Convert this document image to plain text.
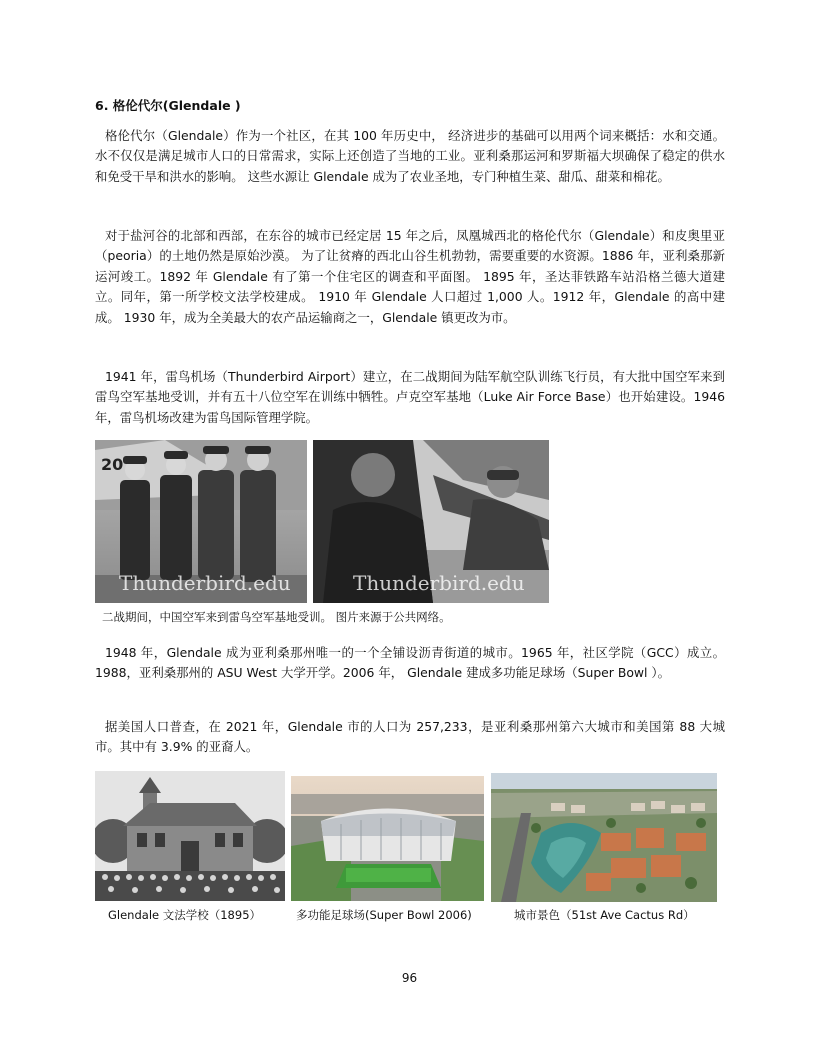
6. 格伦代尔(Glendale )

格伦代尔（Glendale）作为一个社区，在其 100 年历史中， 经济进步的基础可以用两个词来概括：水和交通。 水不仅仅是满足城市人口的日常需求，实际上还创造了当地的工业。亚利桑那运河和罗斯福大坝确保了稳定的供水和免受干旱和洪水的影响。 这些水源让 Glendale 成为了农业圣地，专门种植生菜、甜瓜、甜菜和棉花。

对于盐河谷的北部和西部，在东谷的城市已经定居 15 年之后，凤凰城西北的格伦代尔（Glendale）和皮奥里亚（peoria）的土地仍然是原始沙漠。 为了让贫瘠的西北山谷生机勃勃，需要重要的水资源。1886 年，亚利桑那新运河竣工。1892 年 Glendale 有了第一个住宅区的调查和平面图。 1895 年，圣达菲铁路车站沿格兰德大道建立。同年，第一所学校文法学校建成。 1910 年 Glendale 人口超过 1,000 人。1912 年，Glendale 的高中建成。 1930 年，成为全美最大的农产品运输商之一，Glendale 镇更改为市。

1941 年，雷鸟机场（Thunderbird Airport）建立，在二战期间为陆军航空队训练飞行员，有大批中国空军来到雷鸟空军基地受训，并有五十八位空军在训练中牺牲。卢克空军基地（Luke Air Force Base）也开始建设。1946 年，雷鸟机场改建为雷鸟国际管理学院。

20
Thunderbird.edu	Thunderbird.edu
二战期间，中国空军来到雷鸟空军基地受训。 图片来源于公共网络。

1948 年，Glendale 成为亚利桑那州唯一的一个全铺设沥青街道的城市。1965 年，社区学院（GCC）成立。1988，亚利桑那州的 ASU West 大学开学。2006 年， Glendale 建成多功能足球场（Super Bowl ）。

据美国人口普查，在 2021 年，Glendale 市的人口为 257,233，是亚利桑那州第六大城市和美国第 88 大城市。其中有 3.9% 的亚裔人。

Glendale 文法学校（1895）	多功能足球场(Super Bowl 2006)	城市景色（51st Ave Cactus Rd）
96
